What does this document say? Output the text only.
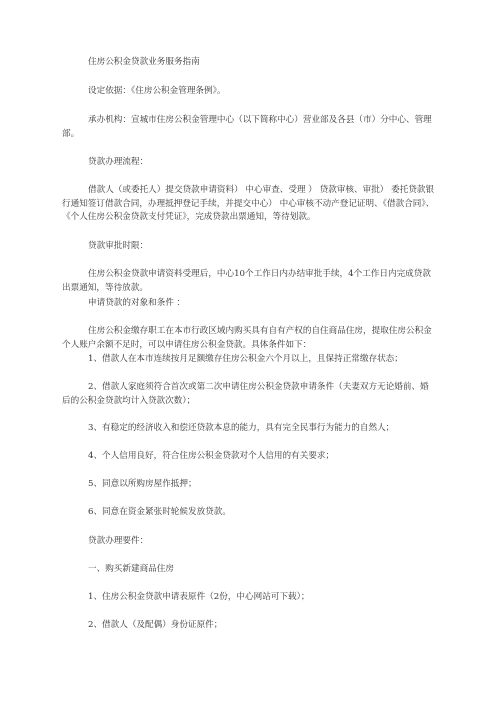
住房公积金贷款业务服务指南

设定依据：《住房公积金管理条例》。

承办机构：宣城市住房公积金管理中心（以下简称中心）营业部及各县（市）分中心、管理部。

贷款办理流程：

借款人（或委托人）提交贷款申请资料） 中心审查、受理 ） 贷款审核、审批） 委托贷款银行通知签订借款合同，办理抵押登记手续，并提交中心） 中心审核不动产登记证明、《借款合同》、《个人住房公积金贷款支付凭证》，完成贷款出票通知，等待划款。

贷款审批时限：

住房公积金贷款申请资料受理后，中心10个工作日内办结审批手续，4个工作日内完成贷款出票通知，等待放款。

申请贷款的对象和条件 ：

住房公积金缴存职工在本市行政区域内购买具有自有产权的自住商品住房，提取住房公积金个人账户余额不足时，可以申请住房公积金贷款。具体条件如下：

1、借款人在本市连续按月足额缴存住房公积金六个月以上，且保持正常缴存状态；

2、借款人家庭须符合首次或第二次申请住房公积金贷款申请条件（夫妻双方无论婚前、婚后的公积金贷款均计入贷款次数）；

3、有稳定的经济收入和偿还贷款本息的能力，具有完全民事行为能力的自然人；

4、个人信用良好，符合住房公积金贷款对个人信用的有关要求；

5、同意以所购房屋作抵押；

6、同意在资金紧张时轮候发放贷款。

贷款办理要件：

一、购买新建商品住房

1、住房公积金贷款申请表原件（2份，中心网站可下载）；

2、借款人（及配偶）身份证原件；
